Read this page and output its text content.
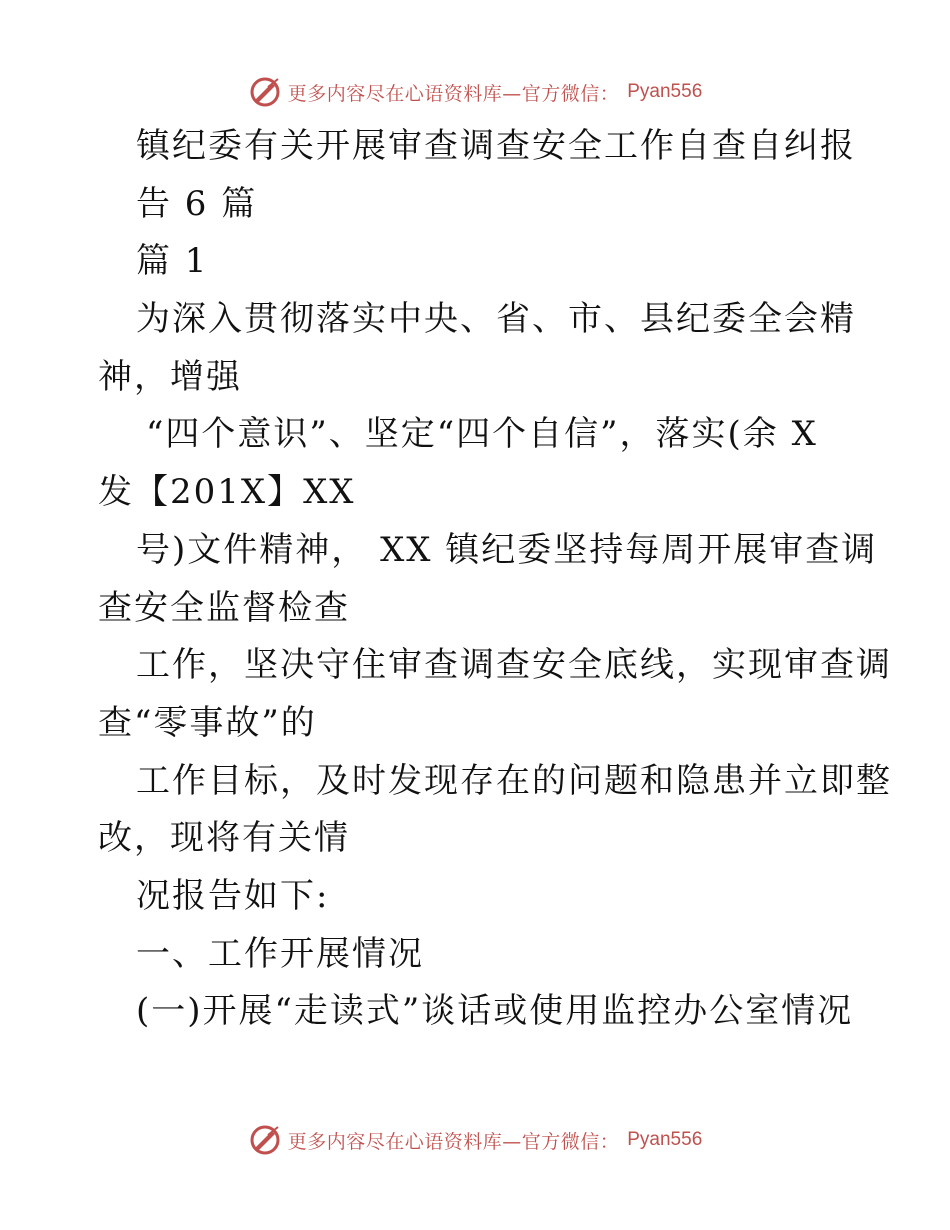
更多内容尽在心语资料库—官方微信： Pyan556
镇纪委有关开展审查调查安全工作自查自纠报
告 6 篇
篇 1
为深入贯彻落实中央、省、市、县纪委全会精
神，增强
“四个意识”、坚定“四个自信”，落实(余 X
发【201X】XX
号)文件精神， XX 镇纪委坚持每周开展审查调
查安全监督检查
工作，坚决守住审查调查安全底线，实现审查调
查“零事故”的
工作目标，及时发现存在的问题和隐患并立即整
改，现将有关情
况报告如下:
一、工作开展情况
(一)开展“走读式”谈话或使用监控办公室情况
更多内容尽在心语资料库—官方微信： Pyan556
